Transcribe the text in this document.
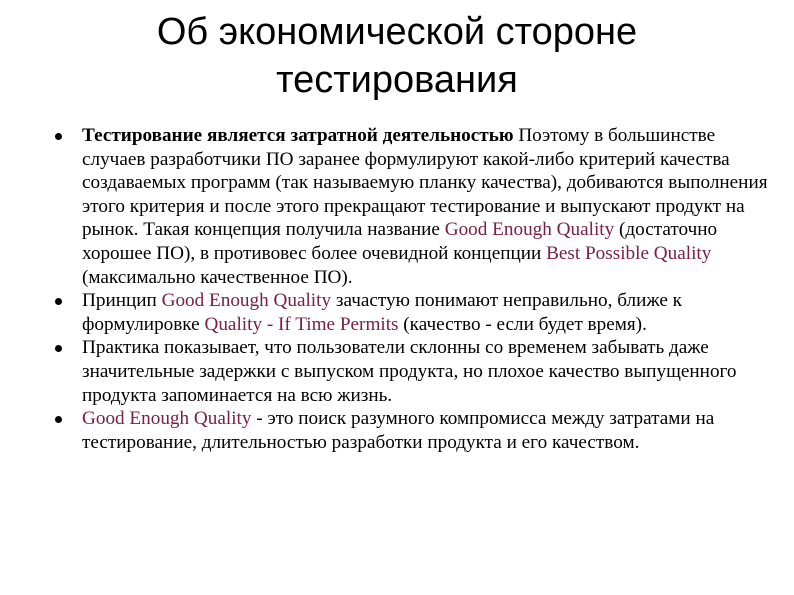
Об экономической стороне
тестирования
Тестирование является затратной деятельностью Поэтому в большинстве случаев разработчики ПО заранее формулируют какой-либо критерий качества создаваемых программ (так называемую планку качества), добиваются выполнения этого критерия и после этого прекращают тестирование и выпускают продукт на рынок. Такая концепция получила название Good Enough Quality (достаточно хорошее ПО), в противовес более очевидной концепции Best Possible Quality (максимально качественное ПО).
Принцип Good Enough Quality зачастую понимают неправильно, ближе к формулировке Quality - If Time Permits (качество - если будет время).
Практика показывает, что пользователи склонны со временем забывать даже значительные задержки с выпуском продукта, но плохое качество выпущенного продукта запоминается на всю жизнь.
Good Enough Quality - это поиск разумного компромисса между затратами на тестирование, длительностью разработки продукта и его качеством.
